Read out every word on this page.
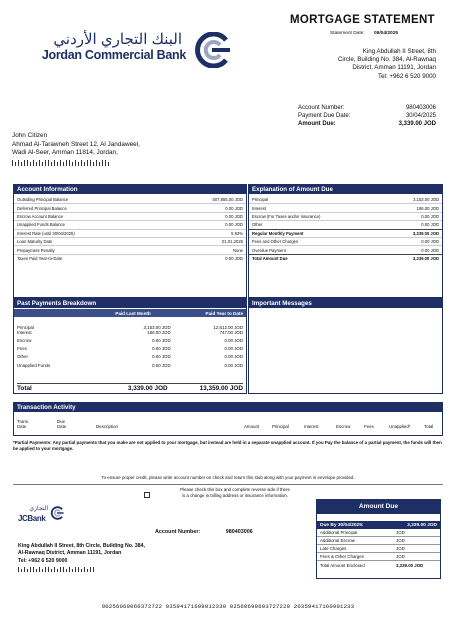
البنك التجاري الأردني
Jordan Commercial Bank
MORTGAGE STATEMENT
Statement Date: 05/04/2025
King Abdullah II Street, 8th
Circle, Building No. 384, Al-Rawnaq
District, Amman 11191, Jordan
Tel: +962 6 520 9000
Account Number:	980403006
Payment Due Date:	30/04/2025
Amount Due:	3,339.00 JOD
John Citizen
Ahmad Al-Tarawneh Street 12, Al Jandaweel,
Wadi Al-Seer, Amman 11814, Jordan,
Account Information
Outsiding Principal Balance	507,855.00 JOD
Deferred Principal Balance	0.00 JOD
Escrow Account Balance	0.00 JOD
Unapplied Funds Balance	0.00 JOD
Interest Rate (until 30/04/2025)	5.93%
Loan Maturity Date	01.01.2025
Prepayment Penalty	None
Taxes Paid Year-to-Date	0.00 JOD
Explanation of Amount Due
Principal	3,153.00 JOD
Interest	186.00 JOD
Escrow (For Taxes and/or insurance)	0.00 JOD
Other	0.00 JOD
Regular Monthly Payment	3,339.00 JOD
Fees and Other Charges	0.00 JOD
Overdue Payment	0.00 JOD
Total Amount Due	3,339.00 JOD
Past Payments Breakdown
Paid Last Month	Paid Year to Date
Principal	3,153.00 JOD	12,612.00 JOD
Interest	186.00 JOD	747.00 JOD
Escrow	0.00 JOD	0.00 JOD
Fees	0.00 JOD	0.00 JOD
Other	0.00 JOD	0.00 JOD
Unapplied Funds	0.00 JOD	0.00 JOD
Total	3,339.00 JOD	13,359.00 JOD
Important Messages
Transaction Activity
Trans. Date
Due Date	Description	Amount	Principal	Interest	Escrow	Fees	Unapplied*	Total
*Partial Payments: Any partial payments that you make are not applied to your mortgage, but instead are held in a separate unapplied account. If you Pay the balance of a partial payment, the funds will then be applied to your mortgage.
To ensure proper credit, please write account number on check and return this stub along with your payment in envelope provided.
Please check this box and complete reverse side if there
is a change in billing address or insurance information.
التجاري
JCBank
Account Number:	980403006
King Abdullah II Street, 8th Circle, Building No. 384,
Al-Rawnaq District, Amman 11191, Jordan
Tel: +962 6 520 9000
Amount Due
Due By 30/04/2025:	3,339.00 JOD
Additional Principal	JOD
Additional Escrow	JOD
Late Charges	JOD
Fees & Other Charges	JOD
Total Amount Enclosed	3,339.00 JOD
00256069060372722 03594171609012330 02560690603727220 20359417160901233
